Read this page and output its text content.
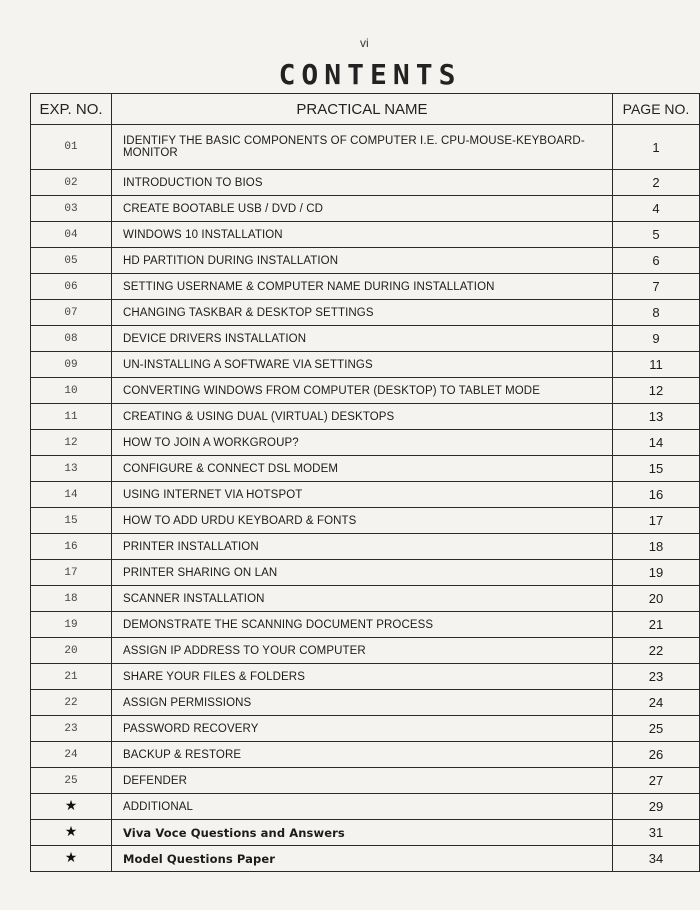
vi
CONTENTS
EXP. NO.	PRACTICAL NAME	PAGE NO.
01	IDENTIFY THE BASIC COMPONENTS OF COMPUTER I.E. CPU-MOUSE-KEYBOARD-MONITOR	1
02	INTRODUCTION TO BIOS	2
03	CREATE BOOTABLE USB / DVD / CD	4
04	WINDOWS 10 INSTALLATION	5
05	HD PARTITION DURING INSTALLATION	6
06	SETTING USERNAME & COMPUTER NAME DURING INSTALLATION	7
07	CHANGING TASKBAR & DESKTOP SETTINGS	8
08	DEVICE DRIVERS INSTALLATION	9
09	UN-INSTALLING A SOFTWARE VIA SETTINGS	11
10	CONVERTING WINDOWS FROM COMPUTER (DESKTOP) TO TABLET MODE	12
11	CREATING & USING DUAL (VIRTUAL) DESKTOPS	13
12	HOW TO JOIN A WORKGROUP?	14
13	CONFIGURE & CONNECT DSL MODEM	15
14	USING INTERNET VIA HOTSPOT	16
15	HOW TO ADD URDU KEYBOARD & FONTS	17
16	PRINTER INSTALLATION	18
17	PRINTER SHARING ON LAN	19
18	SCANNER INSTALLATION	20
19	DEMONSTRATE THE SCANNING DOCUMENT PROCESS	21
20	ASSIGN IP ADDRESS TO YOUR COMPUTER	22
21	SHARE YOUR FILES & FOLDERS	23
22	ASSIGN PERMISSIONS	24
23	PASSWORD RECOVERY	25
24	BACKUP & RESTORE	26
25	DEFENDER	27
★	ADDITIONAL	29
★	Viva Voce Questions and Answers	31
★	Model Questions Paper	34
